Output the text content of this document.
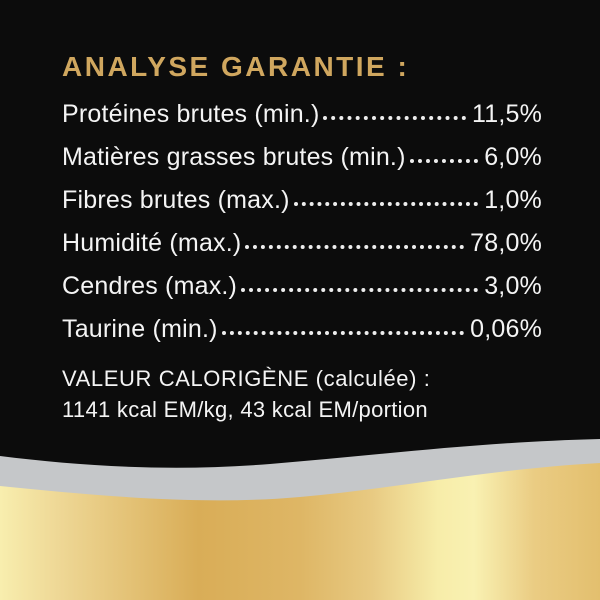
ANALYSE GARANTIE :
Protéines brutes (min.)	11,5%
Matières grasses brutes (min.)	6,0%
Fibres brutes (max.)	1,0%
Humidité (max.)	78,0%
Cendres (max.)	3,0%
Taurine (min.)	0,06%
VALEUR CALORIGÈNE (calculée) :
1141 kcal EM/kg, 43 kcal EM/portion
